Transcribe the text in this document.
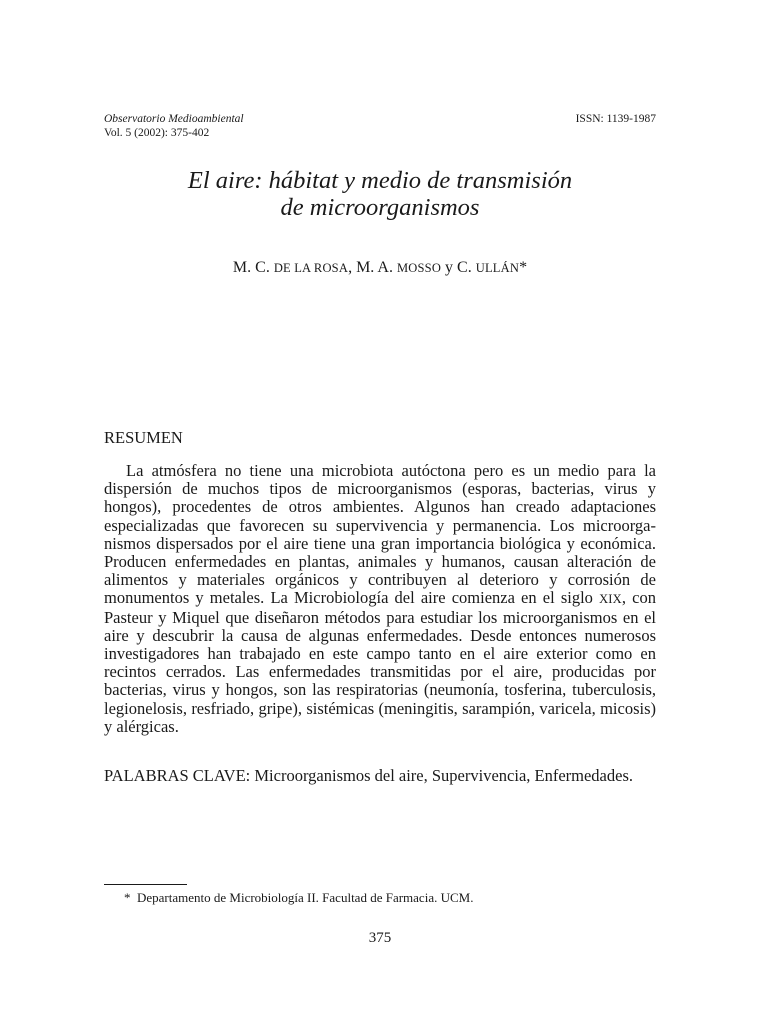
Observatorio Medioambiental
Vol. 5 (2002): 375-402
ISSN: 1139-1987
El aire: hábitat y medio de transmisión
de microorganismos
M. C. DE LA ROSA, M. A. MOSSO y C. ULLÁN*
RESUMEN

La atmósfera no tiene una microbiota autóctona pero es un medio para la dispersión de muchos tipos de microorganismos (esporas, bacterias, virus y hongos), procedentes de otros ambientes. Algunos han creado adaptaciones especializadas que favorecen su supervivencia y permanencia. Los microorganismos dispersados por el aire tiene una gran importancia biológica y económica. Producen enfermedades en plantas, animales y humanos, causan alteración de alimentos y materiales orgánicos y contribuyen al deterioro y corrosión de monumentos y metales. La Microbiología del aire comienza en el siglo XIX, con Pasteur y Miquel que diseñaron métodos para estudiar los microorganismos en el aire y descubrir la causa de algunas enfermedades. Desde entonces numerosos investigadores han trabajado en este campo tanto en el aire exterior como en recintos cerrados. Las enfermedades transmitidas por el aire, producidas por bacterias, virus y hongos, son las respiratorias (neumonía, tosferina, tuberculosis, legionelosis, resfriado, gripe), sistémicas (meningitis, sarampión, varicela, micosis) y alérgicas.

PALABRAS CLAVE: Microorganismos del aire, Supervivencia, Enfermedades.

*  Departamento de Microbiología II. Facultad de Farmacia. UCM.
375
